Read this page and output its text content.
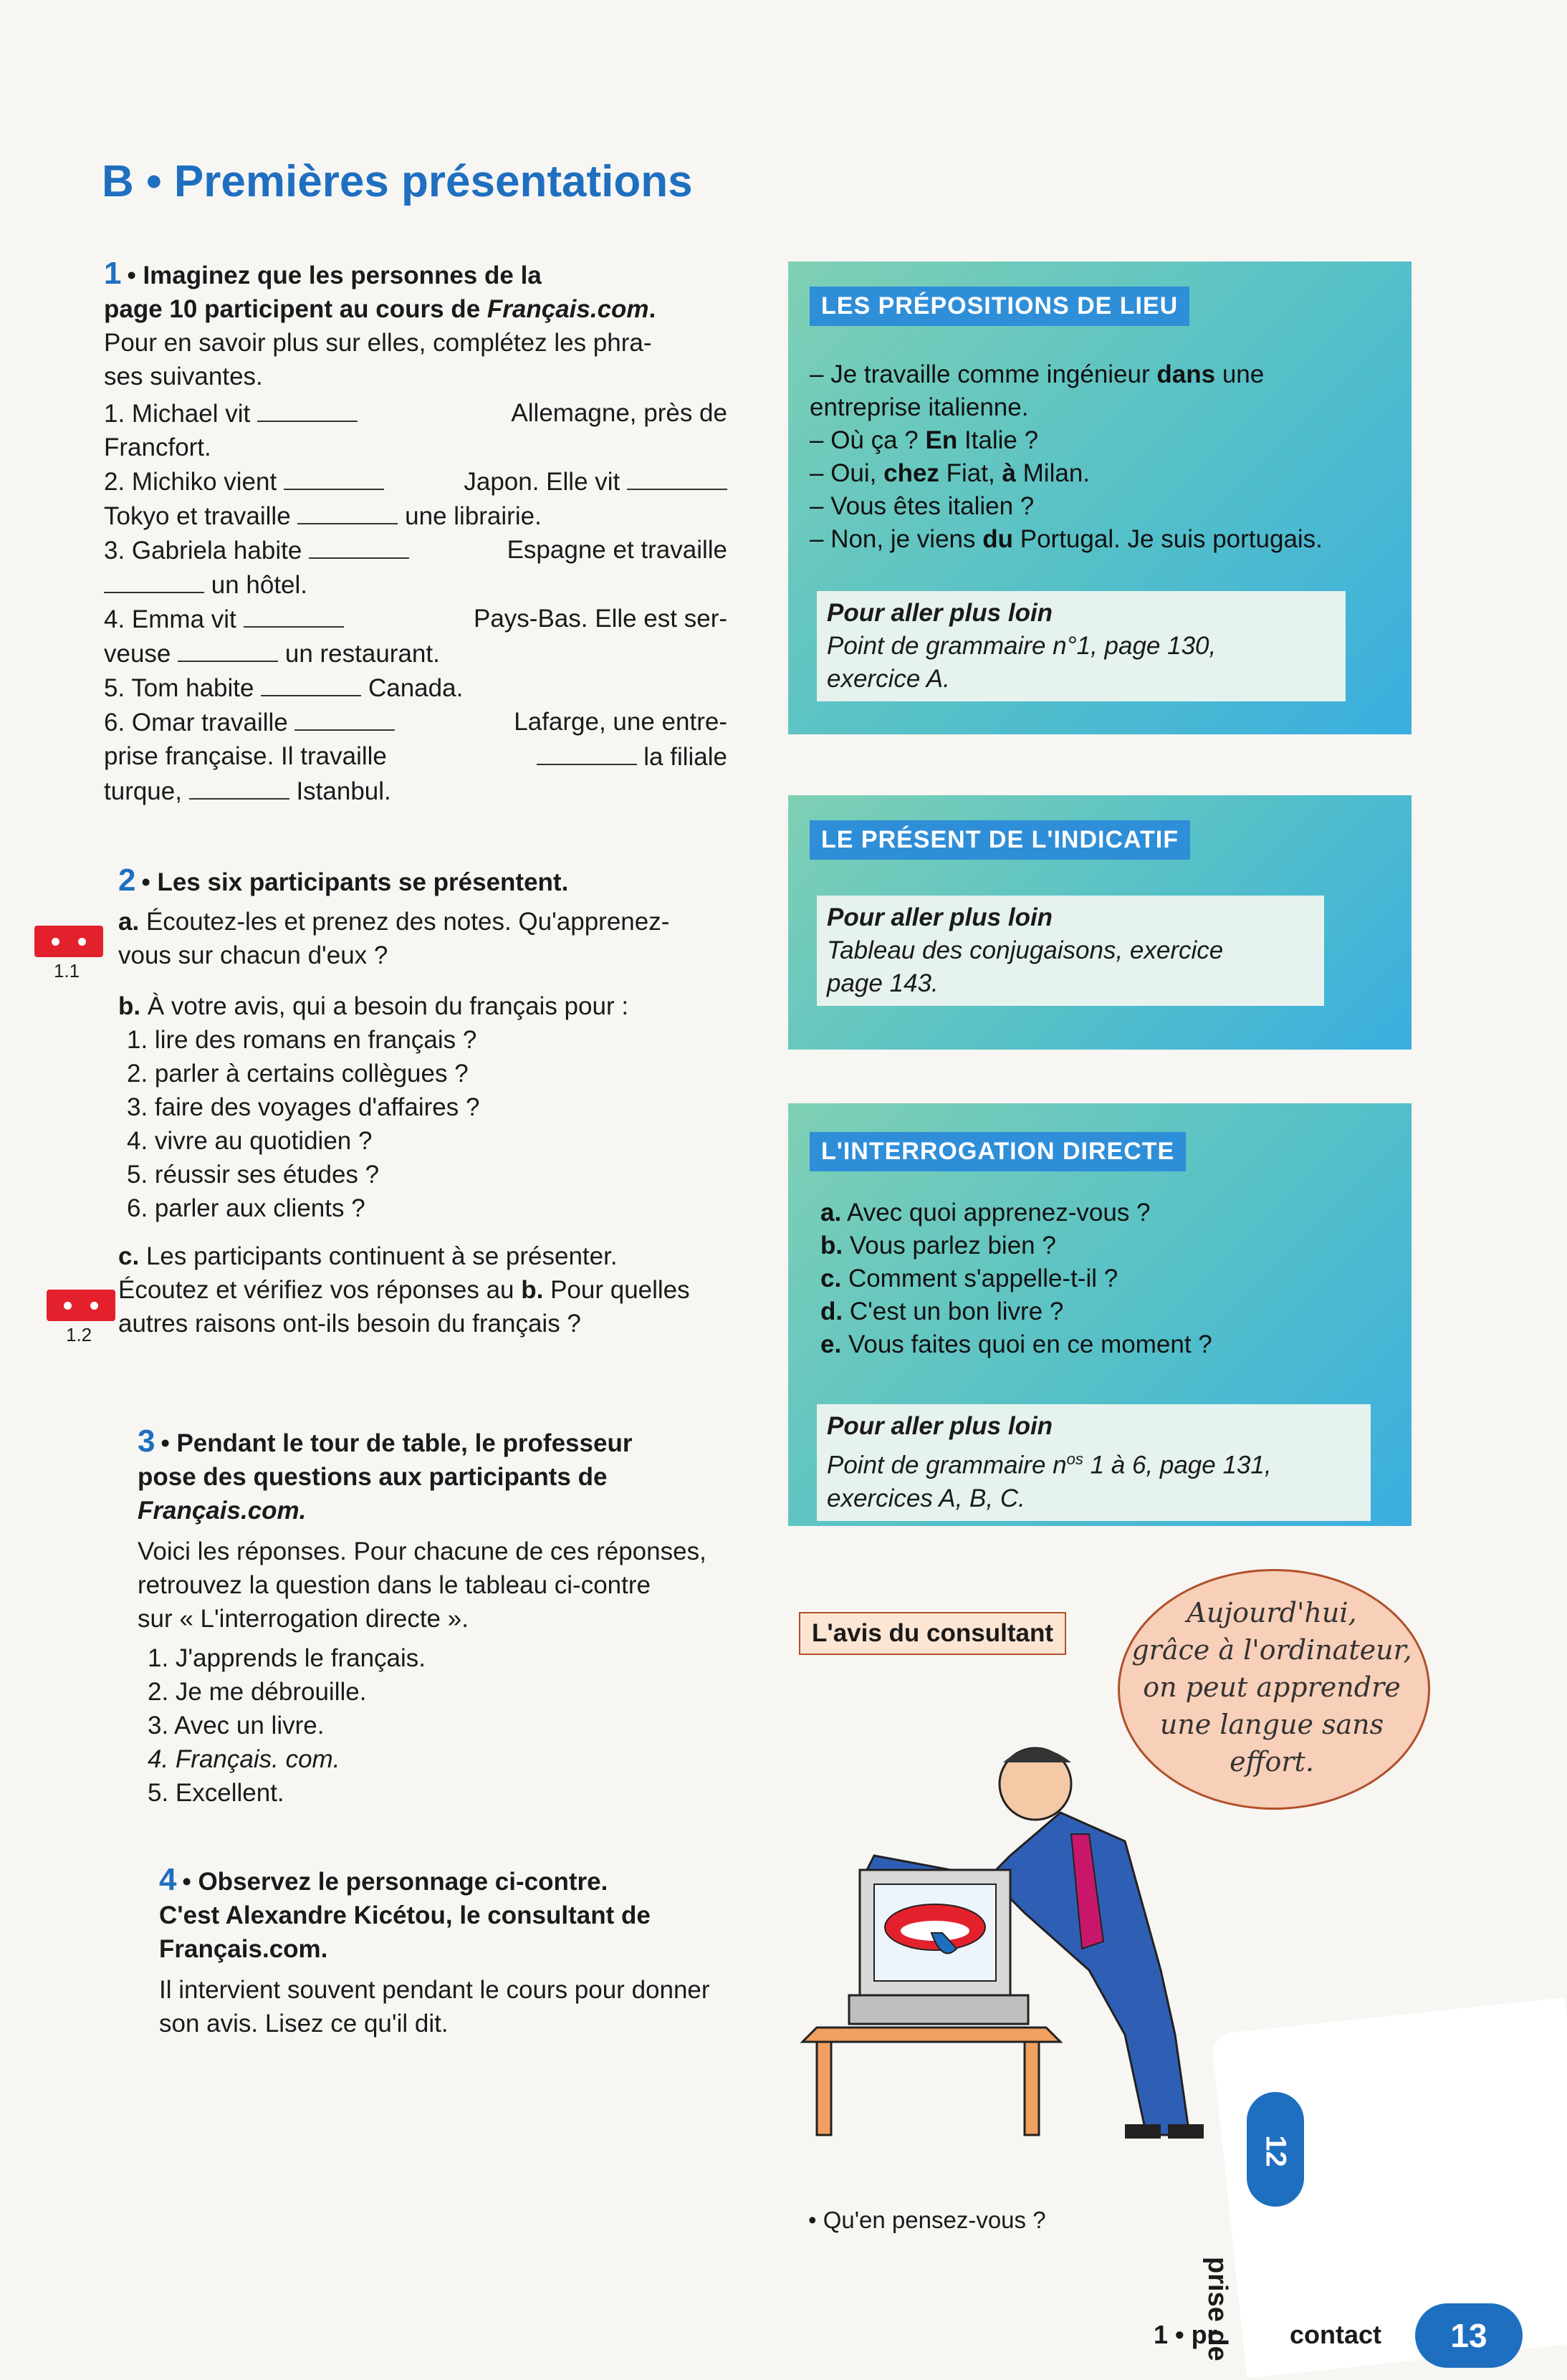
B • Premières présentations
1 • Imaginez que les personnes de la
page 10 participent au cours de Français.com.
Pour en savoir plus sur elles, complétez les phra-
ses suivantes.
1. Michael vit	Allemagne, près de
Francfort.
2. Michiko vient	Japon. Elle vit
Tokyo et travaille	une librairie.
3. Gabriela habite	Espagne et travaille
un hôtel.
4. Emma vit	Pays-Bas. Elle est ser-
veuse	un restaurant.
5. Tom habite	Canada.
6. Omar travaille	Lafarge, une entre-
prise française. Il travaille	la filiale
turque,	Istanbul.
2 • Les six participants se présentent.
a. Écoutez-les et prenez des notes. Qu'apprenez-
vous sur chacun d'eux ?
b. À votre avis, qui a besoin du français pour :
1. lire des romans en français ?
2. parler à certains collègues ?
3. faire des voyages d'affaires ?
4. vivre au quotidien ?
5. réussir ses études ?
6. parler aux clients ?
c. Les participants continuent à se présenter.
Écoutez et vérifiez vos réponses au b. Pour quelles
autres raisons ont-ils besoin du français ?
1.1
1.2
3 • Pendant le tour de table, le professeur
pose des questions aux participants de
Français.com.
Voici les réponses. Pour chacune de ces réponses,
retrouvez la question dans le tableau ci-contre
sur « L'interrogation directe ».
1. J'apprends le français.
2. Je me débrouille.
3. Avec un livre.
4. Français. com.
5. Excellent.
4 • Observez le personnage ci-contre.
C'est Alexandre Kicétou, le consultant de
Français.com.
Il intervient souvent pendant le cours pour donner
son avis. Lisez ce qu'il dit.
LES PRÉPOSITIONS DE LIEU
– Je travaille comme ingénieur dans une
entreprise italienne.
– Où ça ? En Italie ?
– Oui, chez Fiat, à Milan.
– Vous êtes italien ?
– Non, je viens du Portugal. Je suis portugais.
Pour aller plus loin
Point de grammaire n°1, page 130,
exercice A.
LE PRÉSENT DE L'INDICATIF
Pour aller plus loin
Tableau des conjugaisons, exercice
page 143.
L'INTERROGATION DIRECTE
a. Avec quoi apprenez-vous ?
b. Vous parlez bien ?
c. Comment s'appelle-t-il ?
d. C'est un bon livre ?
e. Vous faites quoi en ce moment ?
Pour aller plus loin
Point de grammaire $n^{os}$ 1 à 6, page 131,
exercices A, B, C.
L'avis du consultant
Aujourd'hui,
grâce à l'ordinateur,
on peut apprendre
une langue sans
effort.
• Qu'en pensez-vous ?
12
prise de
1 • pr	contact	13
